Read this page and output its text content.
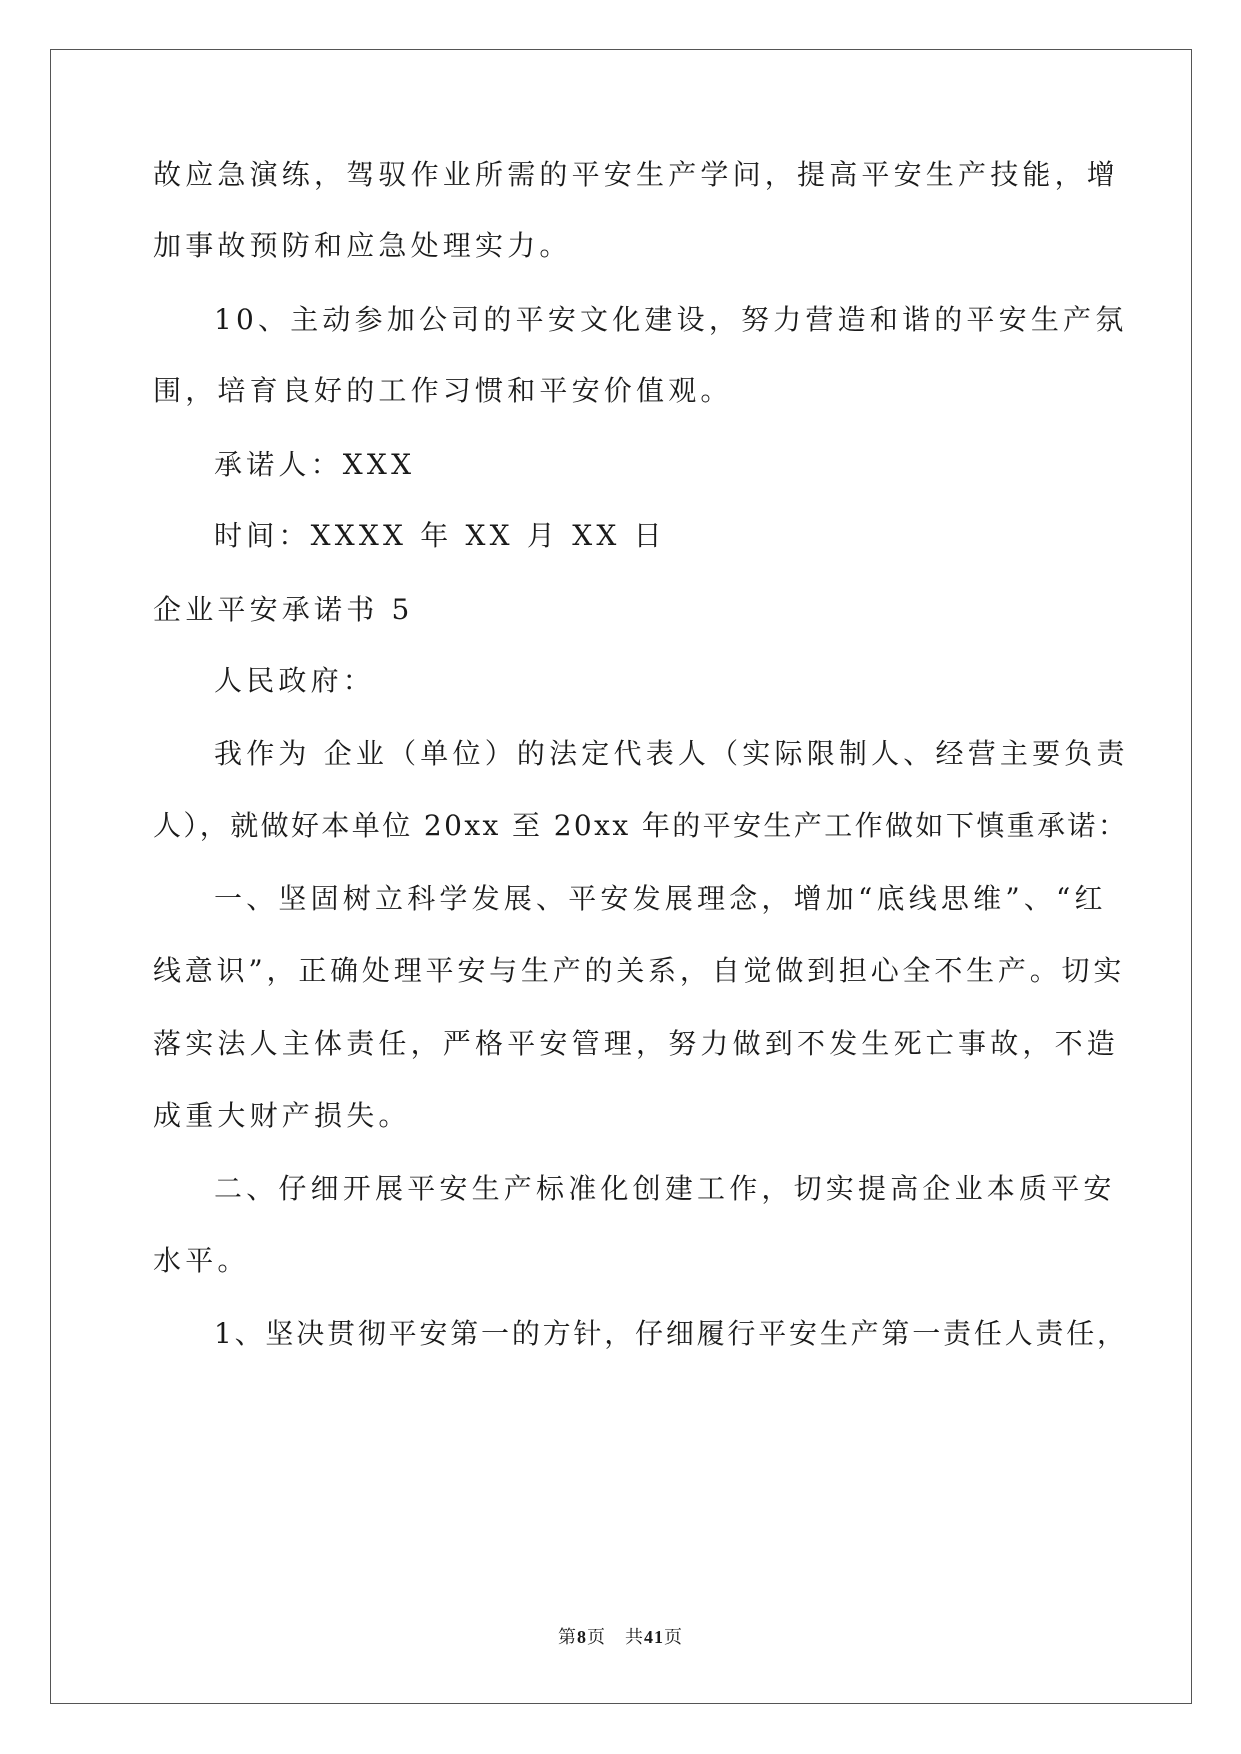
故应急演练，驾驭作业所需的平安生产学问，提高平安生产技能，增
加事故预防和应急处理实力。
10、主动参加公司的平安文化建设，努力营造和谐的平安生产氛
围，培育良好的工作习惯和平安价值观。
承诺人：XXX
时间：XXXX 年 XX 月 XX 日
企业平安承诺书 5
人民政府：
我作为 企业（单位）的法定代表人（实际限制人、经营主要负责
人），就做好本单位 20xx 至 20xx 年的平安生产工作做如下慎重承诺：
一、坚固树立科学发展、平安发展理念，增加“底线思维”、“红
线意识”，正确处理平安与生产的关系，自觉做到担心全不生产。切实
落实法人主体责任，严格平安管理，努力做到不发生死亡事故，不造
成重大财产损失。
二、仔细开展平安生产标准化创建工作，切实提高企业本质平安
水平。
1、坚决贯彻平安第一的方针，仔细履行平安生产第一责任人责任，
第8页　共41页
